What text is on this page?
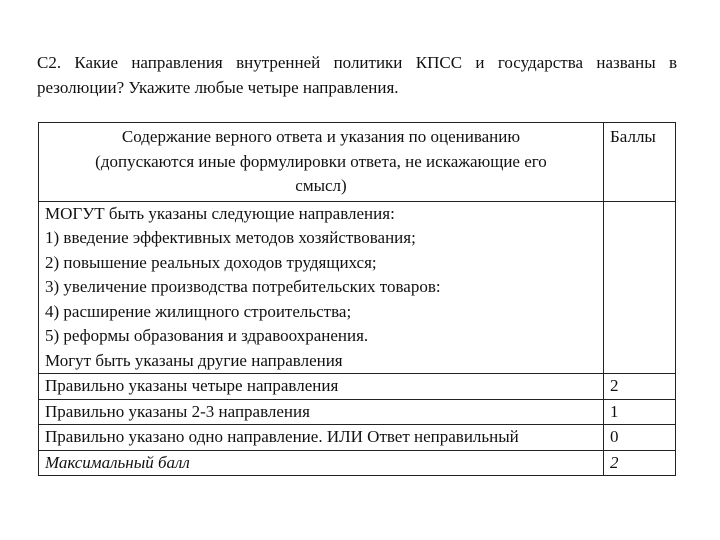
С2. Какие направления внутренней политики КПСС и государства названы в резолюции? Укажите любые четыре направления.
Содержание верного ответа и указания по оцениванию
(допускаются иные формулировки ответа, не искажающие его
смысл)	Баллы

МОГУТ быть указаны следующие направления:
1) введение эффективных методов хозяйствования;
2) повышение реальных доходов трудящихся;
3) увеличение производства потребительских товаров:
4) расширение жилищного строительства;
5) реформы образования и здравоохранения.
Могут быть указаны другие направления

Правильно указаны четыре направления	2
Правильно указаны 2-3 направления	1
Правильно указано одно направление. ИЛИ Ответ неправильный	0
Максимальный балл	2
